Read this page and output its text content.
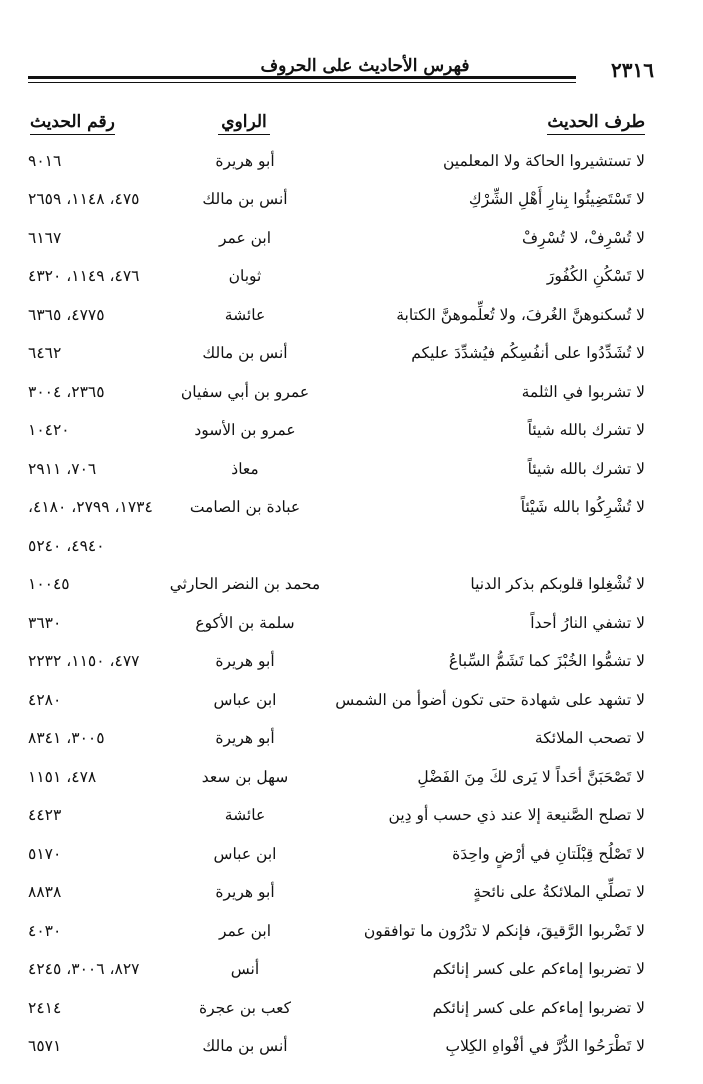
٢٣١٦
فهرس الأحاديث على الحروف
طرف الحديث
الراوي
رقم الحديث
لا تستشيروا الحاكة ولا المعلمين
أبو هريرة
٩٠١٦
لا تَسْتَضِيئُوا بِنارِ أَهْلِ الشِّرْكِ
أنس بن مالك
٤٧٥، ١١٤٨، ٢٦٥٩
لا تُسْرِفْ، لا تُسْرِفْ
ابن عمر
٦١٦٧
لا تَسْكُنِ الكُفُورَ
ثوبان
٤٧٦، ١١٤٩، ٤٣٢٠
لا تُسكنوهنَّ الغُرفَ، ولا تُعلِّموهنَّ الكتابة
عائشة
٤٧٧٥، ٦٣٦٥
لا تُشَدِّدُوا على أنفُسِكُم فيُشدِّدَ عليكم
أنس بن مالك
٦٤٦٢
لا تشربوا في الثلمة
عمرو بن أبي سفيان
٢٣٦٥، ٣٠٠٤
لا تشرك بالله شيئاً
عمرو بن الأسود
١٠٤٢٠
لا تشرك بالله شيئاً
معاذ
٧٠٦، ٢٩١١
لا تُشْرِكُوا بالله شَيْئاً
عبادة بن الصامت
١٧٣٤، ٢٧٩٩، ٤١٨٠،
٤٩٤٠، ٥٢٤٠
لا تُشْغِلوا قلوبكم بذكر الدنيا
محمد بن النضر الحارثي
١٠٠٤٥
لا تشفي النارُ أحداً
سلمة بن الأكوع
٣٦٣٠
لا تشمُّوا الخُبْزَ كما تَشَمُّ السِّباعُ
أبو هريرة
٤٧٧، ١١٥٠، ٢٢٣٢
لا تشهد على شهادة حتى تكون أضوأ من الشمس
ابن عباس
٤٢٨٠
لا تصحب الملائكة
أبو هريرة
٣٠٠٥، ٨٣٤١
لا تَصْحَبَنَّ أحَداً لا يَرى لكَ مِنَ الفَضْلِ
سهل بن سعد
٤٧٨، ١١٥١
لا تصلح الصَّنيعة إلا عند ذي حسب أو دِين
عائشة
٤٤٢٣
لا تَصْلُح قِبْلَتانِ في أرْضٍ واحِدَة
ابن عباس
٥١٧٠
لا تصلِّي الملائكةُ على نائحةٍ
أبو هريرة
٨٨٣٨
لا تَضْربوا الرَّقيقَ، فإنكم لا تدْرُون ما توافقون
ابن عمر
٤٠٣٠
لا تضربوا إماءكم على كسر إنائكم
أنس
٨٢٧، ٣٠٠٦، ٤٢٤٥
لا تضربوا إماءكم على كسر إنائكم
كعب بن عجرة
٢٤١٤
لا تَطْرَحُوا الدُّرَّ في أفْواهِ الكِلابِ
أنس بن مالك
٦٥٧١
